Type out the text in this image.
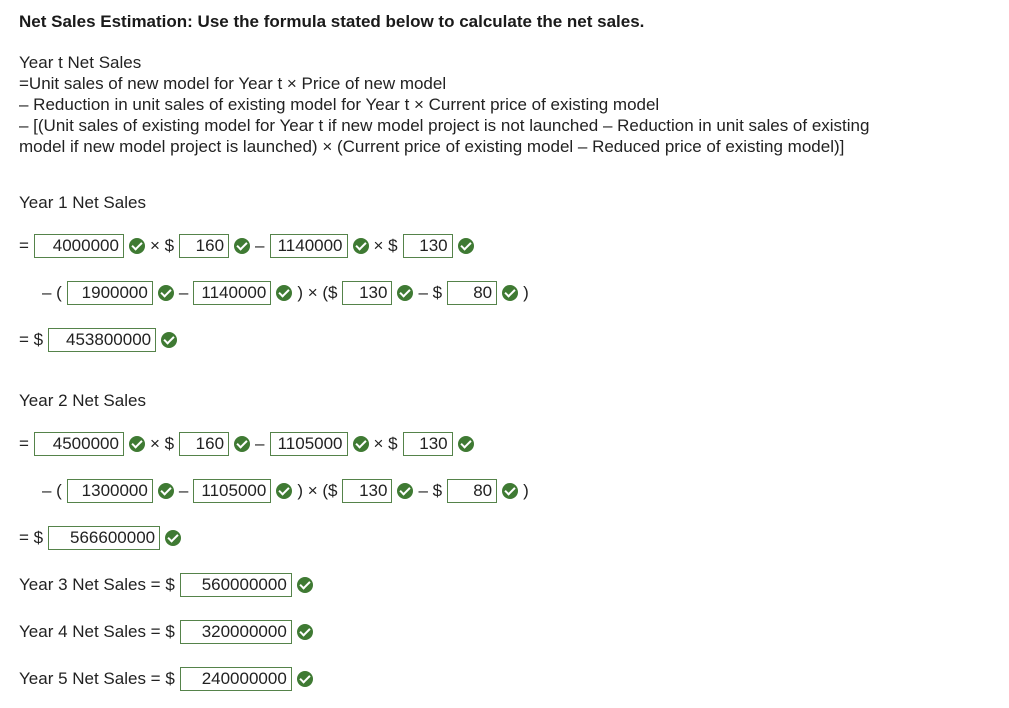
Net Sales Estimation: Use the formula stated below to calculate the net sales.
Year t Net Sales
=Unit sales of new model for Year t × Price of new model
– Reduction in unit sales of existing model for Year t × Current price of existing model
– [(Unit sales of existing model for Year t if new model project is not launched – Reduction in unit sales of existing
model if new model project is launched) × (Current price of existing model – Reduced price of existing model)]
Year 1 Net Sales
=	4000000 × $	160 – 1140000 × $	130
– (	1900000 – 1140000 ) × ($	130 – $	80 )
= $	453800000
Year 2 Net Sales
=	4500000 × $	160 – 1105000 × $	130
– (	1300000 – 1105000 ) × ($	130 – $	80 )
= $	566600000
Year 3 Net Sales = $	560000000
Year 4 Net Sales = $	320000000
Year 5 Net Sales = $	240000000
